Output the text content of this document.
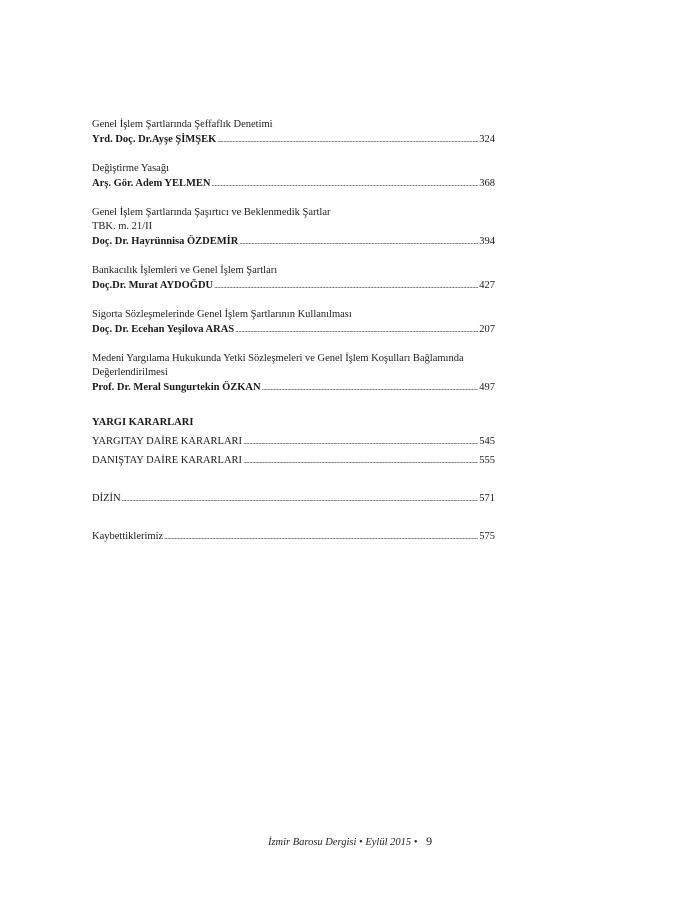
Genel İşlem Şartlarında Şeffaflık Denetimi
Yrd. Doç. Dr.Ayşe ŞİMŞEK .....	324
Değiştirme Yasağı
Arş. Gör. Adem YELMEN .....	368
Genel İşlem Şartlarında Şaşırtıcı ve Beklenmedik Şartlar
TBK. m. 21/II
Doç. Dr. Hayrünnisa ÖZDEMİR .....	394
Bankacılık İşlemleri ve Genel İşlem Şartları
Doç.Dr. Murat AYDOĞDU .....	427
Sigorta Sözleşmelerinde Genel İşlem Şartlarının Kullanılması
Doç. Dr. Ecehan Yeşilova ARAS .....	207
Medeni Yargılama Hukukunda Yetki Sözleşmeleri ve Genel İşlem Koşulları Bağlamında
Değerlendirilmesi
Prof. Dr. Meral Sungurtekin ÖZKAN .....	497
YARGI KARARLARI
YARGITAY DAİRE KARARLARI .....	545
DANIŞTAY DAİRE KARARLARI .....	555
DİZİN .....	571
Kaybettiklerimiz .....	575
İzmir Barosu Dergisi • Eylül 2015 • 9
